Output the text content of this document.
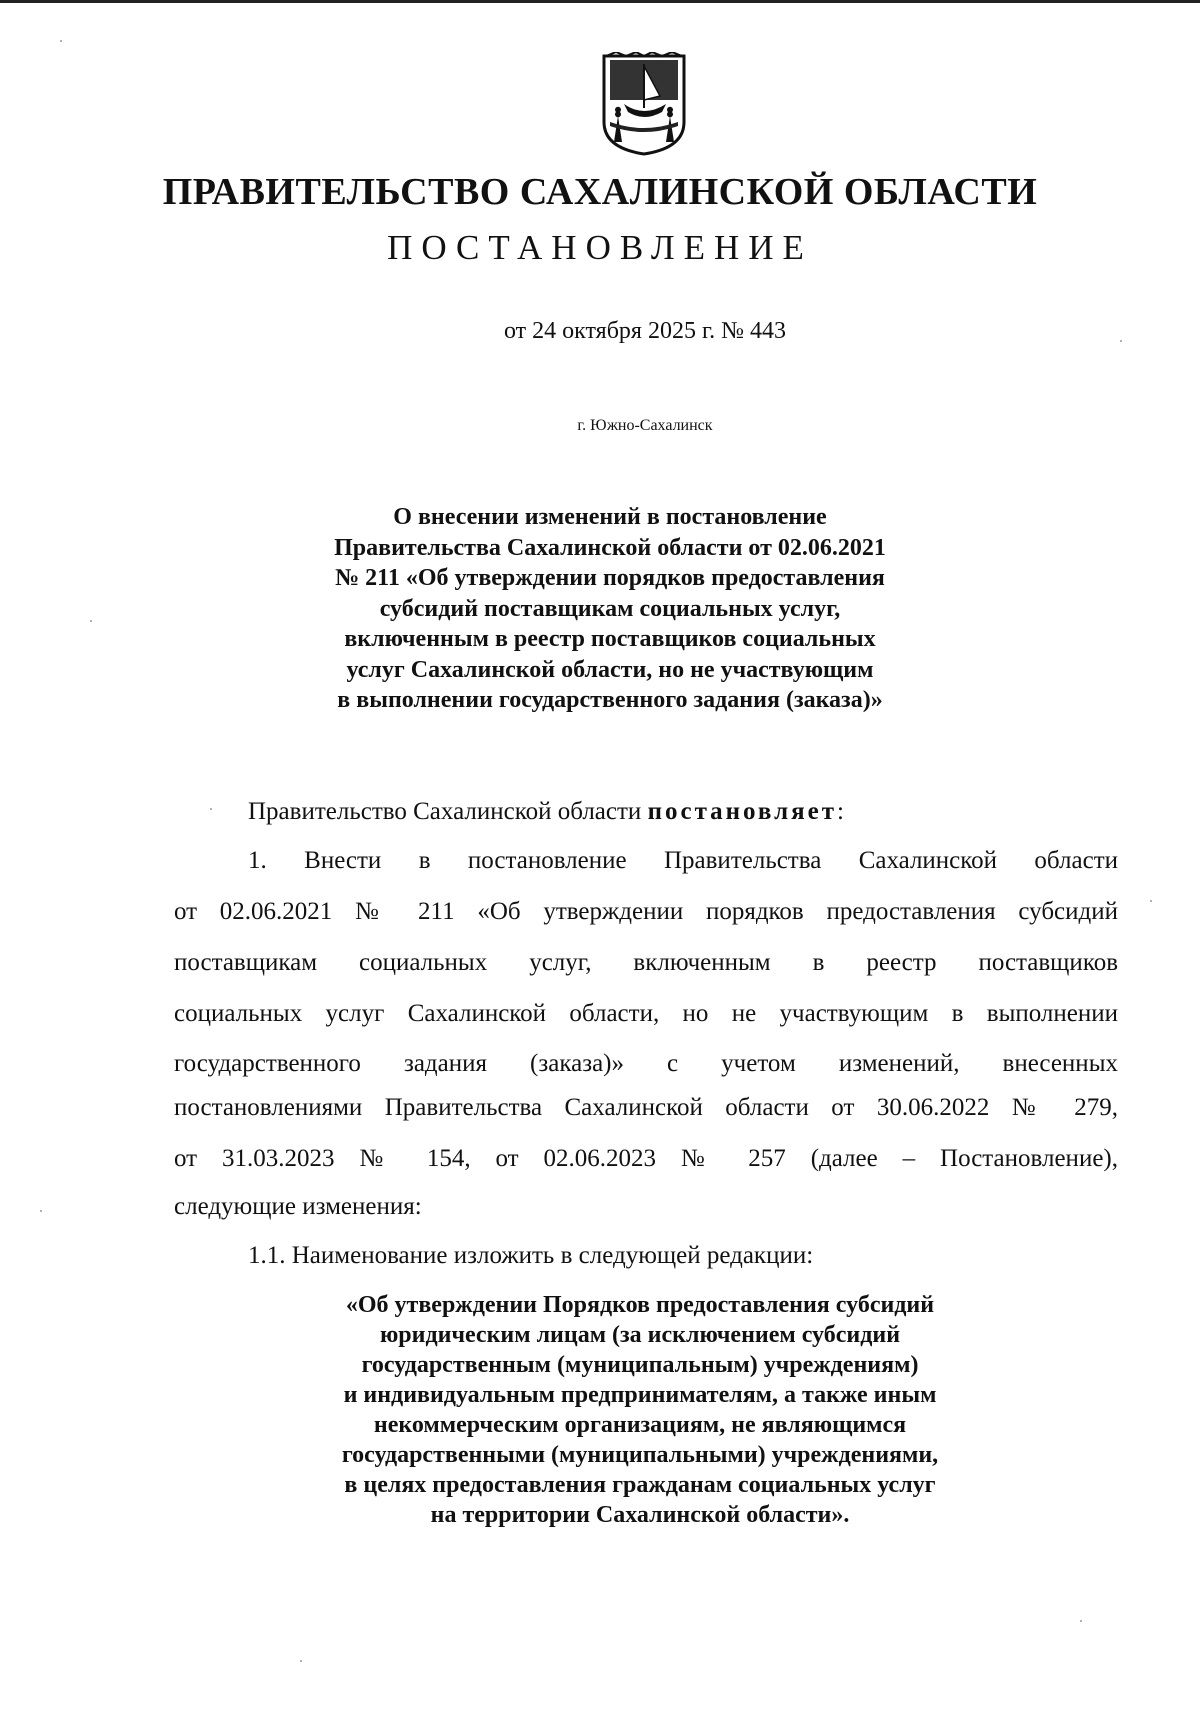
ПРАВИТЕЛЬСТВО САХАЛИНСКОЙ ОБЛАСТИ
ПОСТАНОВЛЕНИЕ
от 24 октября 2025 г. № 443
г. Южно-Сахалинск
О внесении изменений в постановление
Правительства Сахалинской области от 02.06.2021
№ 211 «Об утверждении порядков предоставления
субсидий поставщикам социальных услуг,
включенным в реестр поставщиков социальных
услуг Сахалинской области, но не участвующим
в выполнении государственного задания (заказа)»
Правительство Сахалинской области постановляет:
1. Внести в постановление Правительства Сахалинской области
от 02.06.2021 № 211 «Об утверждении порядков предоставления субсидий
поставщикам социальных услуг, включенным в реестр поставщиков
социальных услуг Сахалинской области, но не участвующим в выполнении
государственного задания (заказа)» с учетом изменений, внесенных
постановлениями Правительства Сахалинской области от 30.06.2022 № 279,
от 31.03.2023 № 154, от 02.06.2023 № 257 (далее – Постановление),
следующие изменения:
1.1. Наименование изложить в следующей редакции:
«Об утверждении Порядков предоставления субсидий
юридическим лицам (за исключением субсидий
государственным (муниципальным) учреждениям)
и индивидуальным предпринимателям, а также иным
некоммерческим организациям, не являющимся
государственными (муниципальными) учреждениями,
в целях предоставления гражданам социальных услуг
на территории Сахалинской области».
